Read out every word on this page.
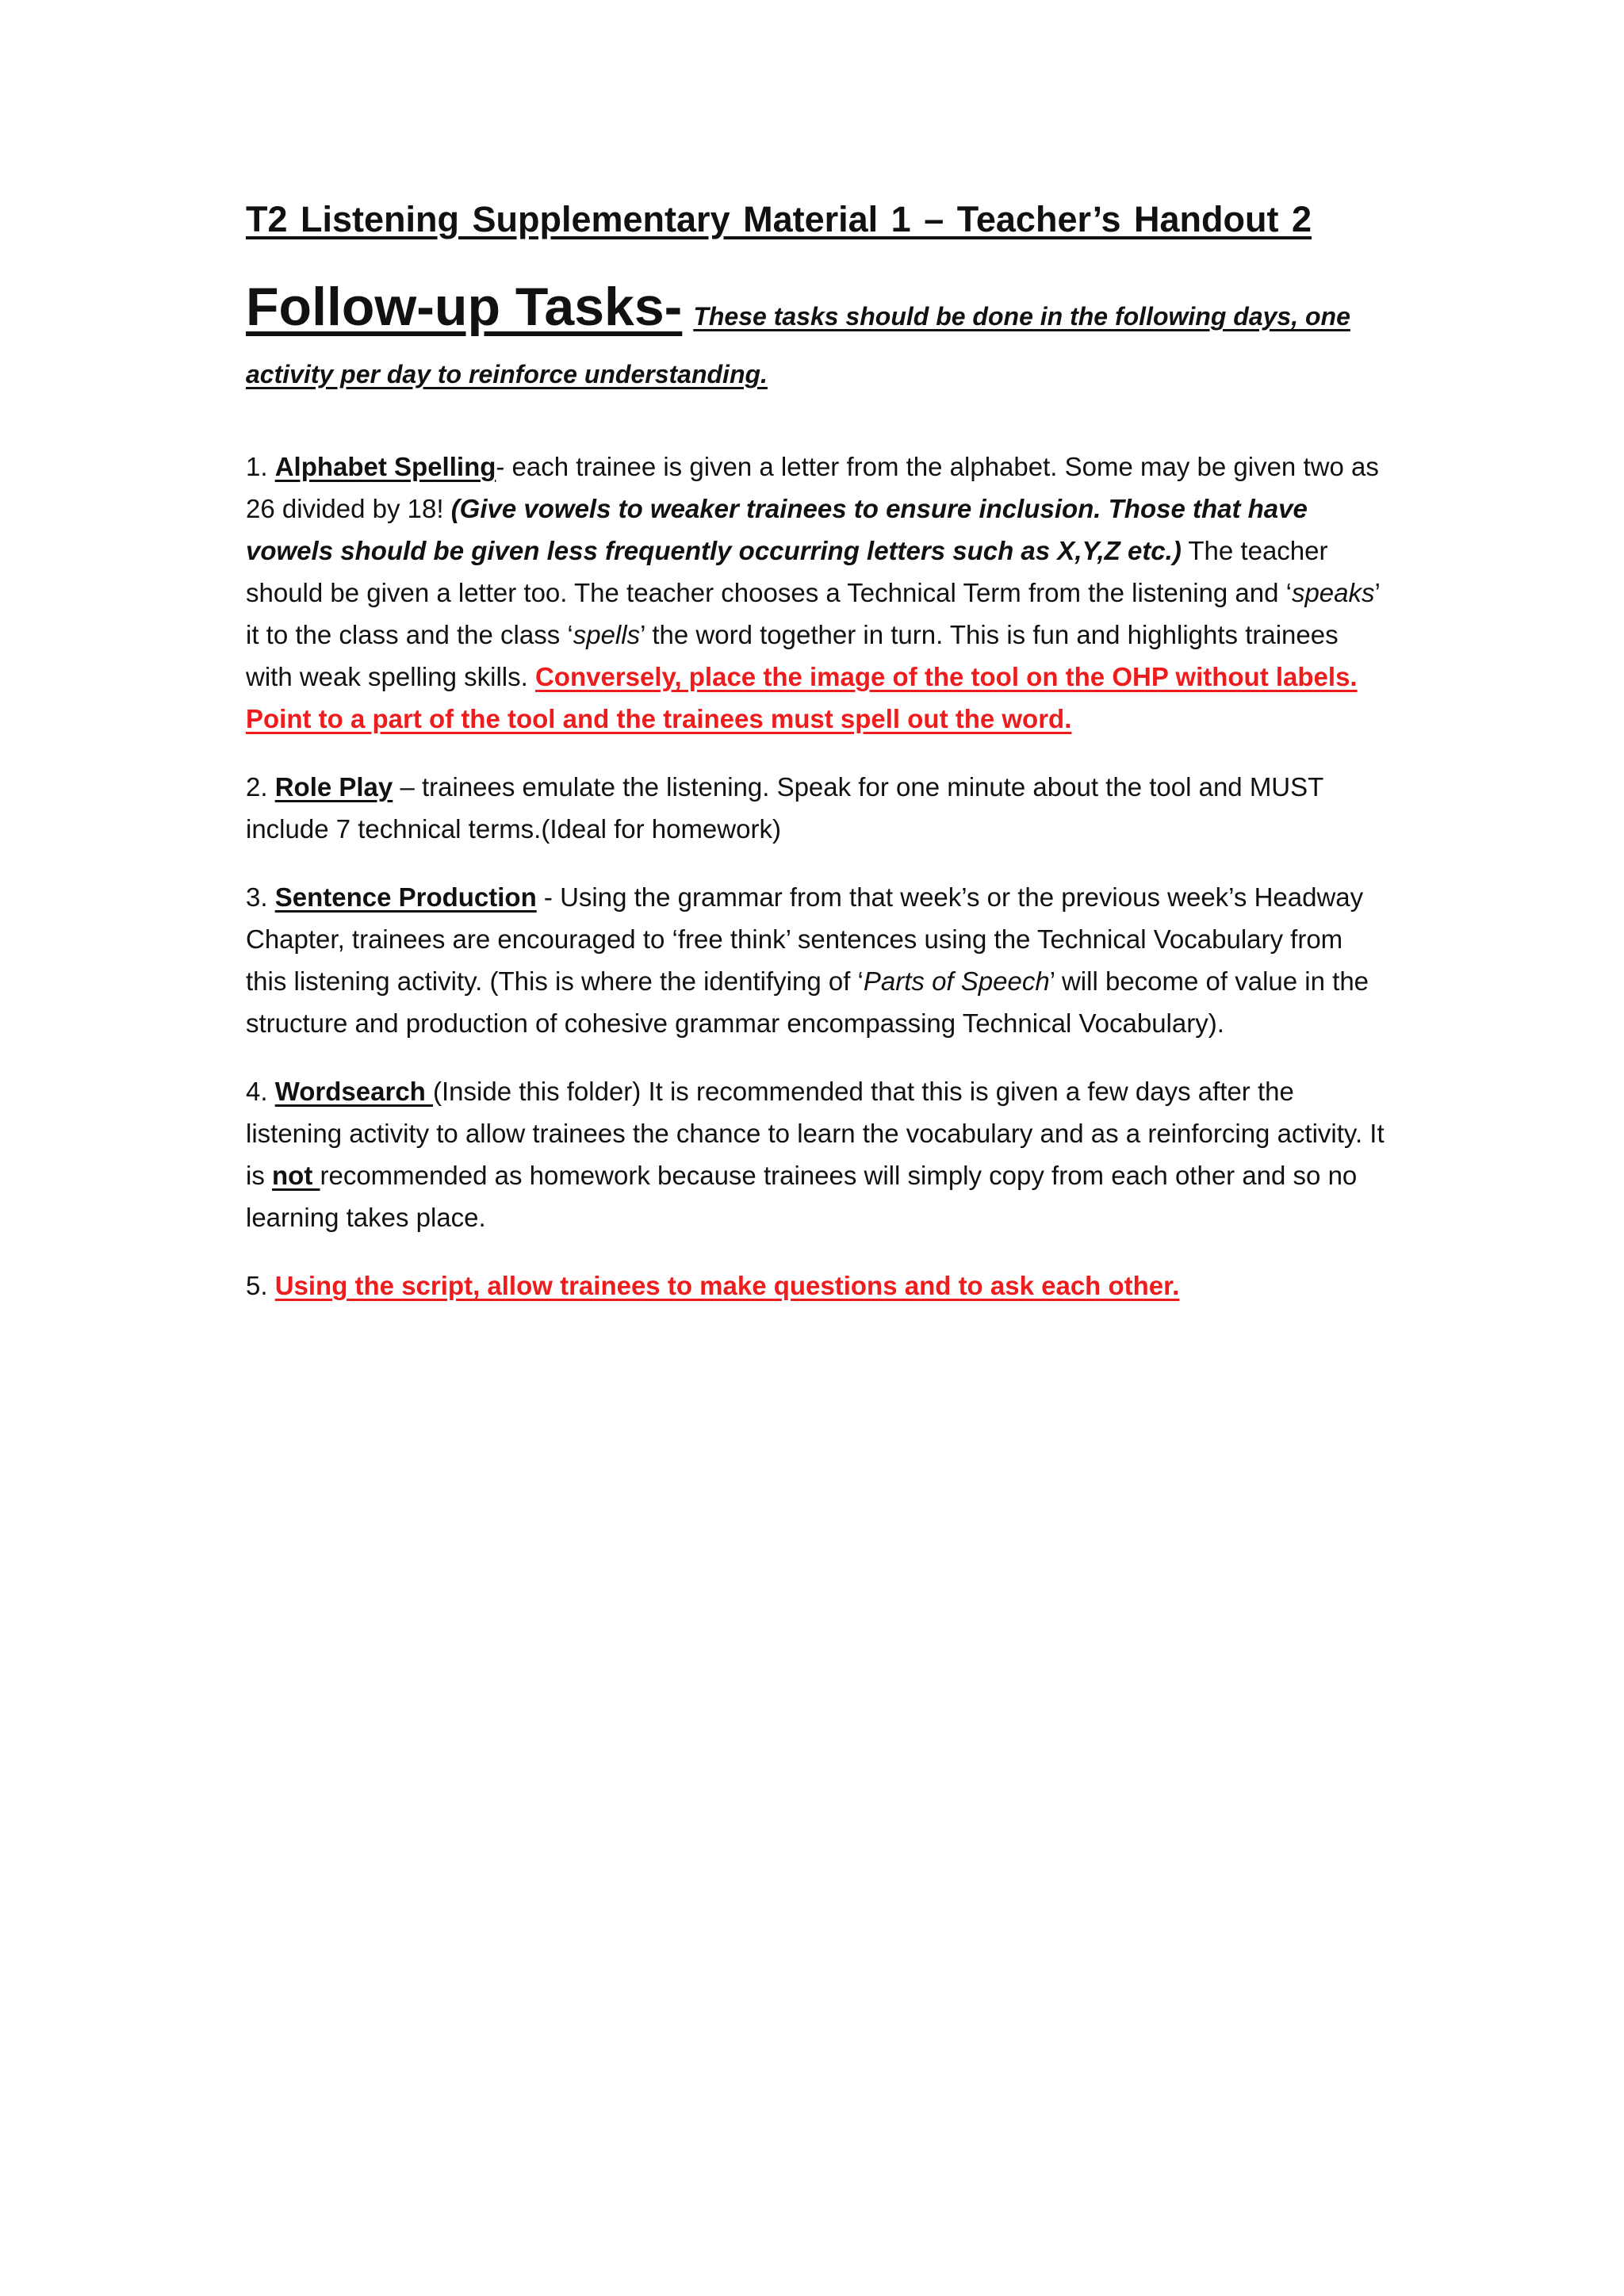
T2 Listening Supplementary Material 1 – Teacher’s Handout 2
Follow-up Tasks- These tasks should be done in the following days, one activity per day to reinforce understanding.

1. Alphabet Spelling- each trainee is given a letter from the alphabet. Some may be given two as 26 divided by 18! (Give vowels to weaker trainees to ensure inclusion. Those that have vowels should be given less frequently occurring letters such as X,Y,Z etc.) The teacher should be given a letter too. The teacher chooses a Technical Term from the listening and ‘speaks’ it to the class and the class ‘spells’ the word together in turn. This is fun and highlights trainees with weak spelling skills. Conversely, place the image of the tool on the OHP without labels. Point to a part of the tool and the trainees must spell out the word.

2. Role Play – trainees emulate the listening. Speak for one minute about the tool and MUST include 7 technical terms.(Ideal for homework)

3. Sentence Production - Using the grammar from that week’s or the previous week’s Headway Chapter, trainees are encouraged to ‘free think’ sentences using the Technical Vocabulary from this listening activity. (This is where the identifying of ‘Parts of Speech’ will become of value in the structure and production of cohesive grammar encompassing Technical Vocabulary).

4. Wordsearch (Inside this folder) It is recommended that this is given a few days after the listening activity to allow trainees the chance to learn the vocabulary and as a reinforcing activity. It is not recommended as homework because trainees will simply copy from each other and so no learning takes place.

5. Using the script, allow trainees to make questions and to ask each other.
